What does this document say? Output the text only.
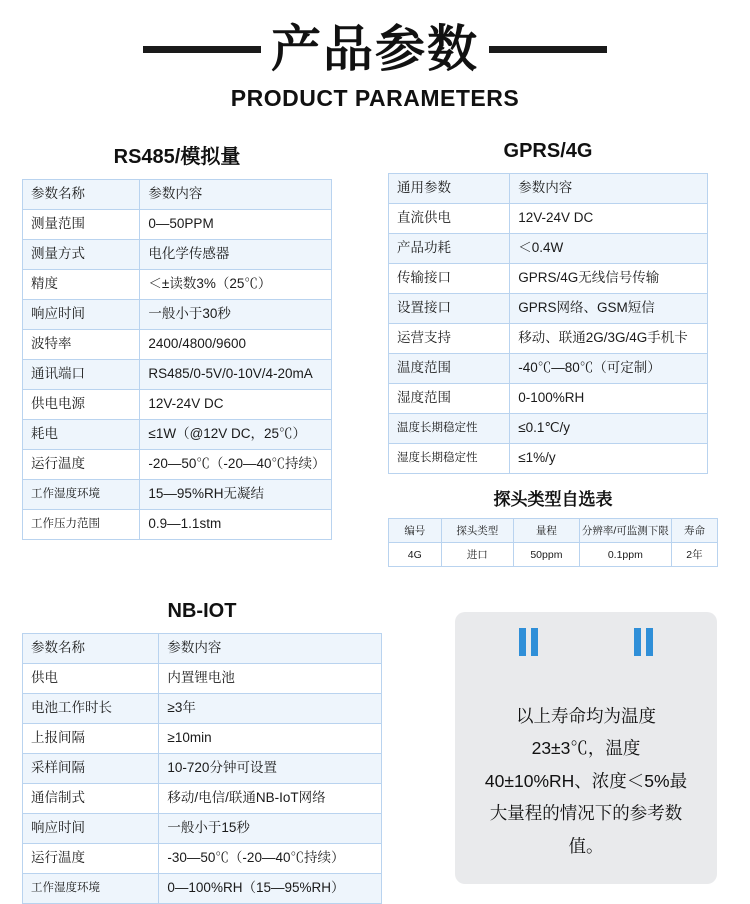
产品参数
PRODUCT PARAMETERS
RS485/模拟量
参数名称	参数内容
测量范围	0—50PPM
测量方式	电化学传感器
精度	＜±读数3%（25℃）
响应时间	一般小于30秒
波特率	2400/4800/9600
通讯端口	RS485/0-5V/0-10V/4-20mA
供电电源	12V-24V DC
耗电	≤1W（@12V DC，25℃）
运行温度	-20—50℃（-20—40℃持续）
工作湿度环境	15—95%RH无凝结
工作压力范围	0.9—1.1stm
GPRS/4G
通用参数	参数内容
直流供电	12V-24V DC
产品功耗	＜0.4W
传输接口	GPRS/4G无线信号传输
设置接口	GPRS网络、GSM短信
运营支持	移动、联通2G/3G/4G手机卡
温度范围	-40℃—80℃（可定制）
湿度范围	0-100%RH
温度长期稳定性	≤0.1℃/y
湿度长期稳定性	≤1%/y
探头类型自选表
编号	探头类型	量程	分辨率/可监测下限	寿命
4G	进口	50ppm	0.1ppm	2年
NB-IOT
参数名称	参数内容
供电	内置锂电池
电池工作时长	≥3年
上报间隔	≥10min
采样间隔	10-720分钟可设置
通信制式	移动/电信/联通NB-IoT网络
响应时间	一般小于15秒
运行温度	-30—50℃（-20—40℃持续）
工作湿度环境	0—100%RH（15—95%RH）
以上寿命均为温度23±3℃，温度40±10%RH、浓度＜5%最大量程的情况下的参考数值。
